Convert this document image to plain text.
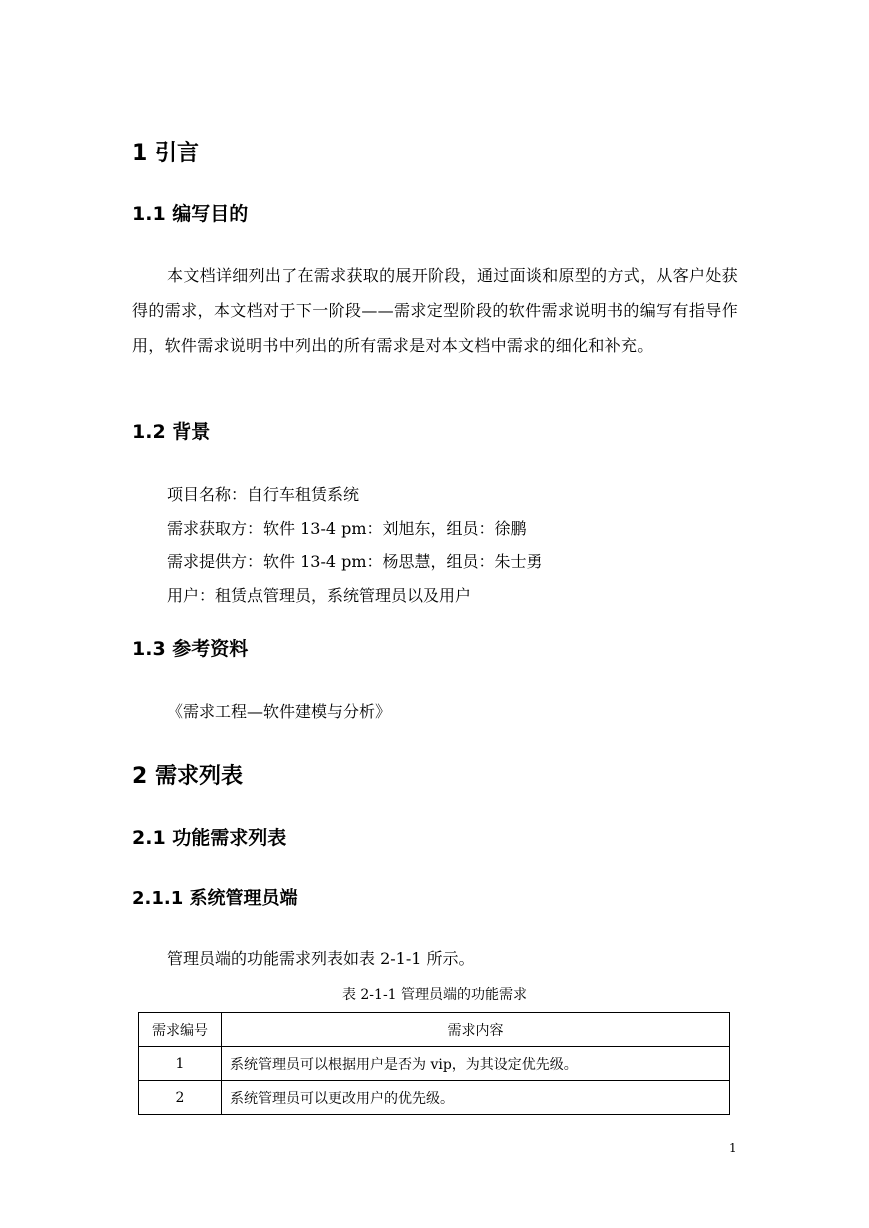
1 引言
1.1 编写目的

本文档详细列出了在需求获取的展开阶段，通过面谈和原型的方式，从客户处获得的需求，本文档对于下一阶段——需求定型阶段的软件需求说明书的编写有指导作用，软件需求说明书中列出的所有需求是对本文档中需求的细化和补充。

1.2 背景

项目名称：自行车租赁系统

需求获取方：软件 13-4 pm：刘旭东，组员：徐鹏

需求提供方：软件 13-4 pm：杨思慧，组员：朱士勇

用户：租赁点管理员，系统管理员以及用户

1.3 参考资料

《需求工程—软件建模与分析》

2 需求列表
2.1 功能需求列表
2.1.1 系统管理员端

管理员端的功能需求列表如表 2-1-1 所示。

表 2-1-1 管理员端的功能需求

需求编号	需求内容
1	系统管理员可以根据用户是否为 vip，为其设定优先级。
2	系统管理员可以更改用户的优先级。
1
